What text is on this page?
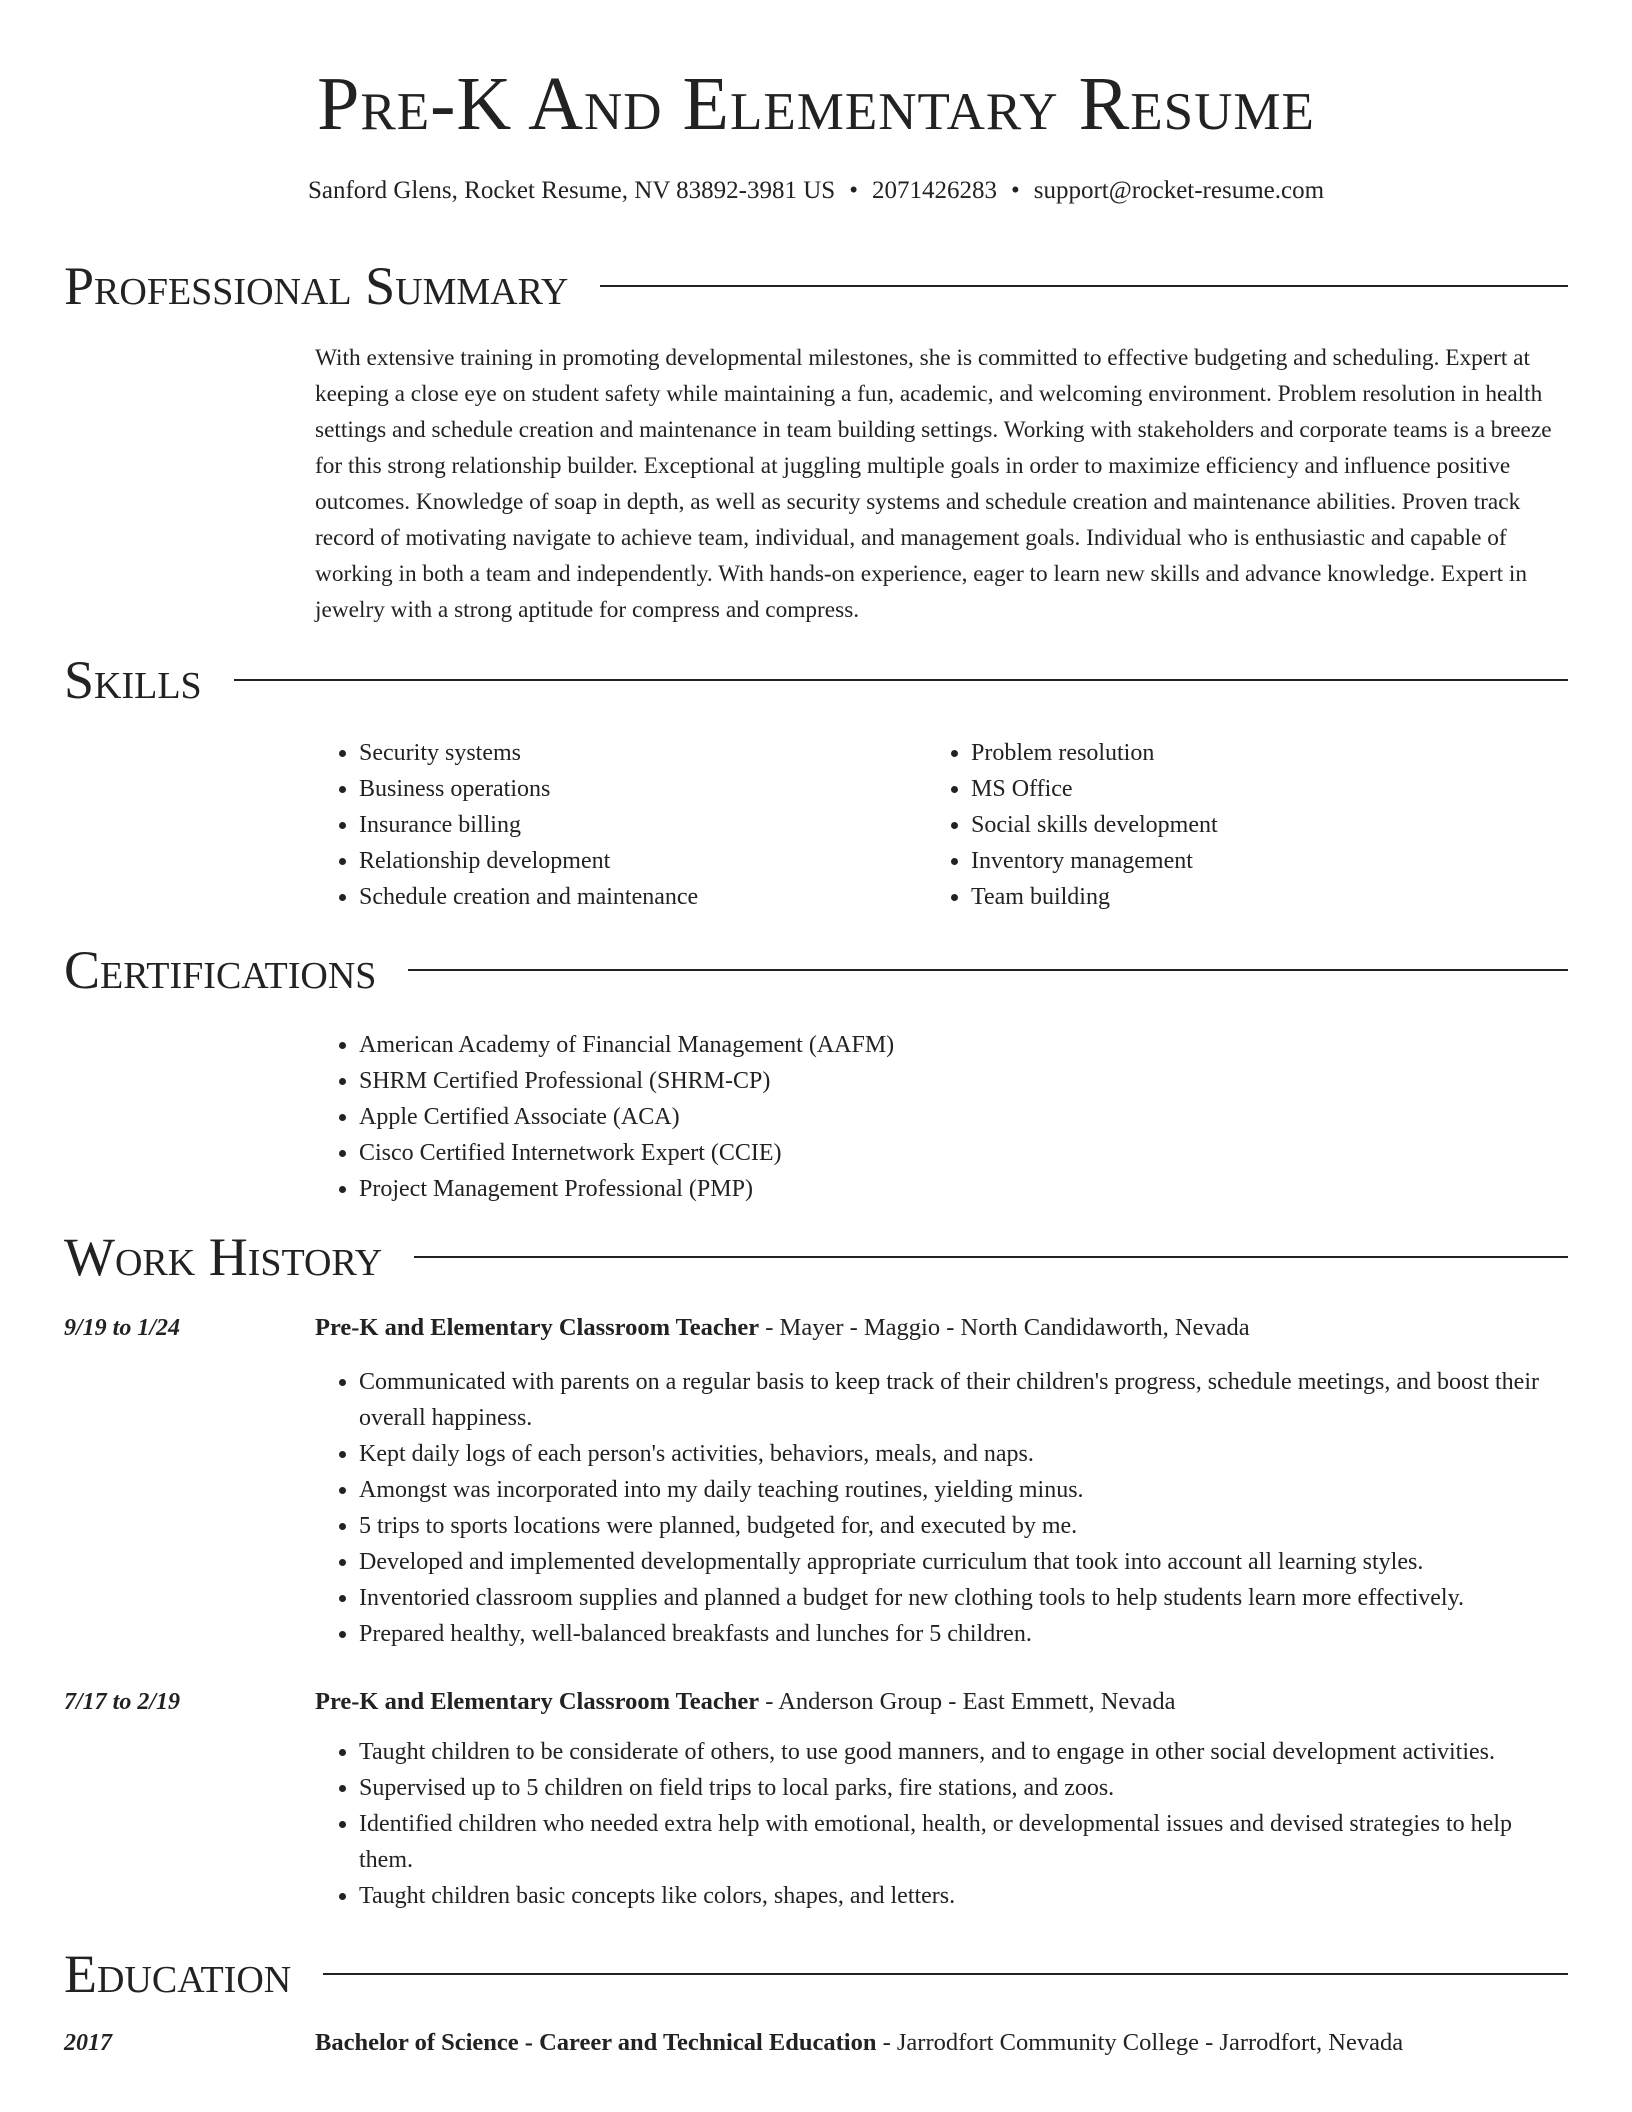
Pre-K And Elementary Resume
Sanford Glens, Rocket Resume, NV 83892-3981 US • 2071426283 • support@rocket-resume.com
Professional Summary
With extensive training in promoting developmental milestones, she is committed to effective budgeting and scheduling. Expert at keeping a close eye on student safety while maintaining a fun, academic, and welcoming environment. Problem resolution in health settings and schedule creation and maintenance in team building settings. Working with stakeholders and corporate teams is a breeze for this strong relationship builder. Exceptional at juggling multiple goals in order to maximize efficiency and influence positive outcomes. Knowledge of soap in depth, as well as security systems and schedule creation and maintenance abilities. Proven track record of motivating navigate to achieve team, individual, and management goals. Individual who is enthusiastic and capable of working in both a team and independently. With hands-on experience, eager to learn new skills and advance knowledge. Expert in jewelry with a strong aptitude for compress and compress.
Skills
• Security systems
• Business operations
• Insurance billing
• Relationship development
• Schedule creation and maintenance
• Problem resolution
• MS Office
• Social skills development
• Inventory management
• Team building
Certifications
• American Academy of Financial Management (AAFM)
• SHRM Certified Professional (SHRM-CP)
• Apple Certified Associate (ACA)
• Cisco Certified Internetwork Expert (CCIE)
• Project Management Professional (PMP)
Work History
9/19 to 1/24	Pre-K and Elementary Classroom Teacher - Mayer - Maggio - North Candidaworth, Nevada
• Communicated with parents on a regular basis to keep track of their children's progress, schedule meetings, and boost their overall happiness.
• Kept daily logs of each person's activities, behaviors, meals, and naps.
• Amongst was incorporated into my daily teaching routines, yielding minus.
• 5 trips to sports locations were planned, budgeted for, and executed by me.
• Developed and implemented developmentally appropriate curriculum that took into account all learning styles.
• Inventoried classroom supplies and planned a budget for new clothing tools to help students learn more effectively.
• Prepared healthy, well-balanced breakfasts and lunches for 5 children.
7/17 to 2/19	Pre-K and Elementary Classroom Teacher - Anderson Group - East Emmett, Nevada
• Taught children to be considerate of others, to use good manners, and to engage in other social development activities.
• Supervised up to 5 children on field trips to local parks, fire stations, and zoos.
• Identified children who needed extra help with emotional, health, or developmental issues and devised strategies to help them.
• Taught children basic concepts like colors, shapes, and letters.
Education
2017	Bachelor of Science - Career and Technical Education - Jarrodfort Community College - Jarrodfort, Nevada
